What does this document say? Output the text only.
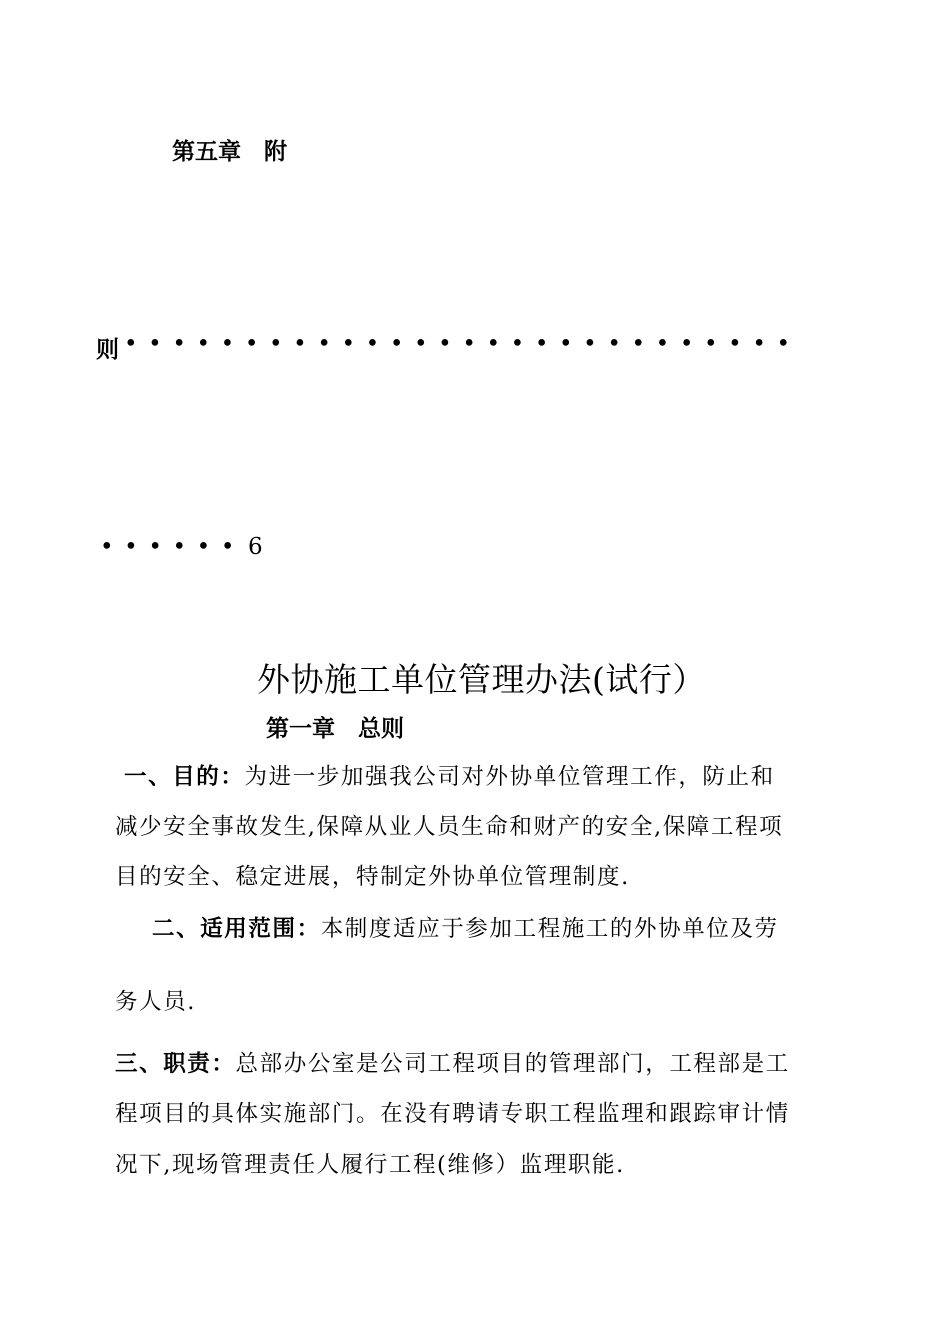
第五章　附
则 ••••••••••••••••••••••••••••
•••••• 6
外协施工单位管理办法(试行）
第一章　总则
一、目的：为进一步加强我公司对外协单位管理工作，防止和
减少安全事故发生,保障从业人员生命和财产的安全,保障工程项
目的安全、稳定进展，特制定外协单位管理制度.
二、适用范围：本制度适应于参加工程施工的外协单位及劳
务人员.
三、职责：总部办公室是公司工程项目的管理部门，工程部是工
程项目的具体实施部门。在没有聘请专职工程监理和跟踪审计情
况下,现场管理责任人履行工程(维修）监理职能.
